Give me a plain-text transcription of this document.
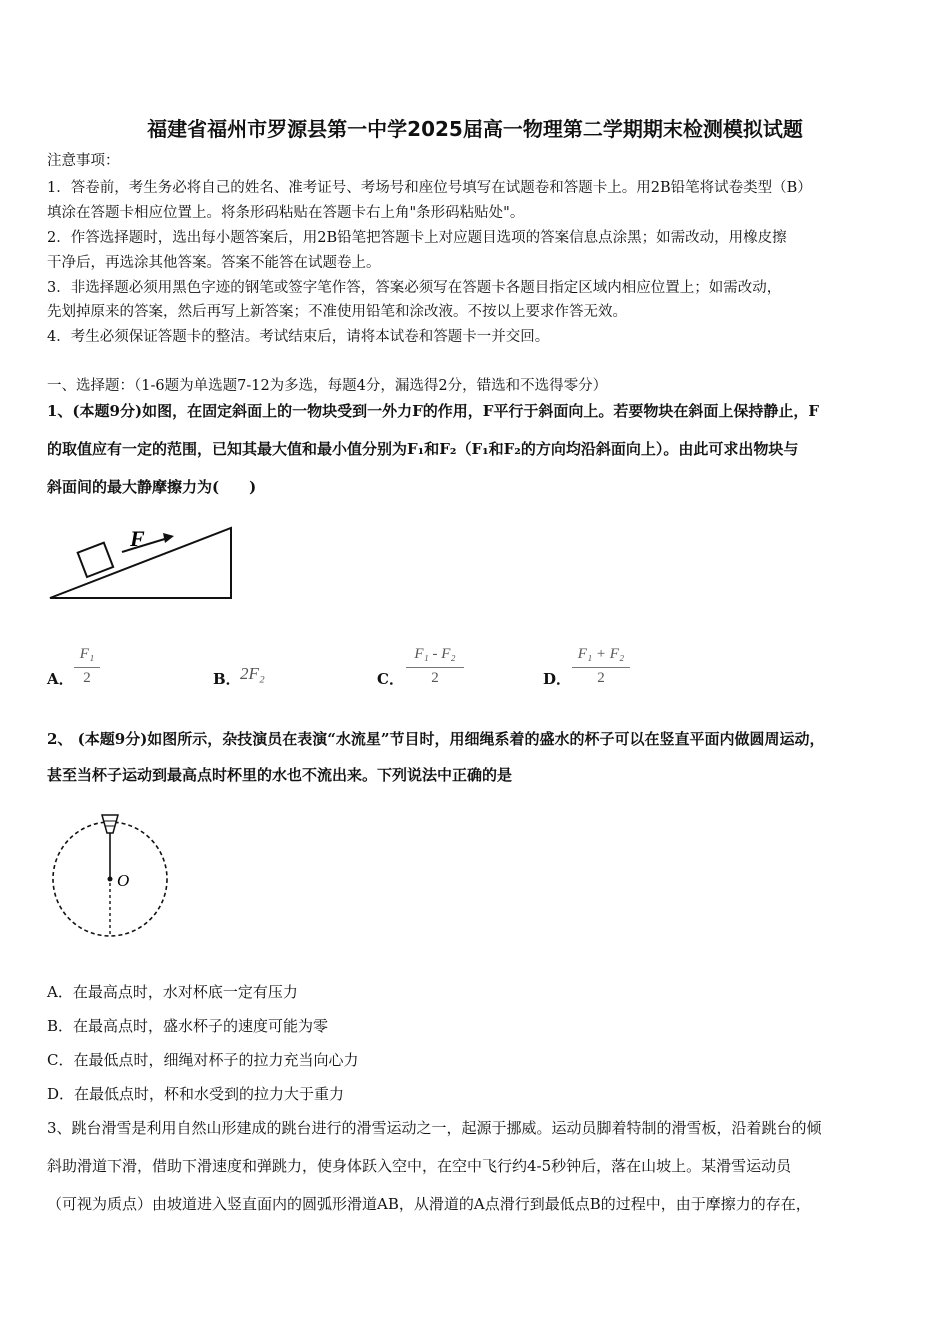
福建省福州市罗源县第一中学2025届高一物理第二学期期末检测模拟试题
注意事项：
1．答卷前，考生务必将自己的姓名、准考证号、考场号和座位号填写在试题卷和答题卡上。用2B铅笔将试卷类型（B）
填涂在答题卡相应位置上。将条形码粘贴在答题卡右上角"条形码粘贴处"。
2．作答选择题时，选出每小题答案后，用2B铅笔把答题卡上对应题目选项的答案信息点涂黑；如需改动，用橡皮擦
干净后，再选涂其他答案。答案不能答在试题卷上。
3．非选择题必须用黑色字迹的钢笔或签字笔作答，答案必须写在答题卡各题目指定区域内相应位置上；如需改动，
先划掉原来的答案，然后再写上新答案；不准使用铅笔和涂改液。不按以上要求作答无效。
4．考生必须保证答题卡的整洁。考试结束后，请将本试卷和答题卡一并交回。
一、选择题：（1-6题为单选题7-12为多选，每题4分，漏选得2分，错选和不选得零分）
1、(本题9分)如图，在固定斜面上的一物块受到一外力F的作用，F平行于斜面向上。若要物块在斜面上保持静止，F
的取值应有一定的范围，已知其最大值和最小值分别为F₁和F₂（F₁和F₂的方向均沿斜面向上）。由此可求出物块与
斜面间的最大静摩擦力为(　　)
F
A．
F₁
2	B． 2F₂	C．
F₁ - F₂
2	D．
F₁ + F₂
2
2、 (本题9分)如图所示，杂技演员在表演“水流星”节目时，用细绳系着的盛水的杯子可以在竖直平面内做圆周运动，
甚至当杯子运动到最高点时杯里的水也不流出来。下列说法中正确的是
O
A．在最高点时，水对杯底一定有压力
B．在最高点时，盛水杯子的速度可能为零
C．在最低点时，细绳对杯子的拉力充当向心力
D．在最低点时，杯和水受到的拉力大于重力
3、跳台滑雪是利用自然山形建成的跳台进行的滑雪运动之一，起源于挪威。运动员脚着特制的滑雪板，沿着跳台的倾
斜助滑道下滑，借助下滑速度和弹跳力，使身体跃入空中，在空中飞行约4-5秒钟后，落在山坡上。某滑雪运动员
（可视为质点）由坡道进入竖直面内的圆弧形滑道AB，从滑道的A点滑行到最低点B的过程中，由于摩擦力的存在，
